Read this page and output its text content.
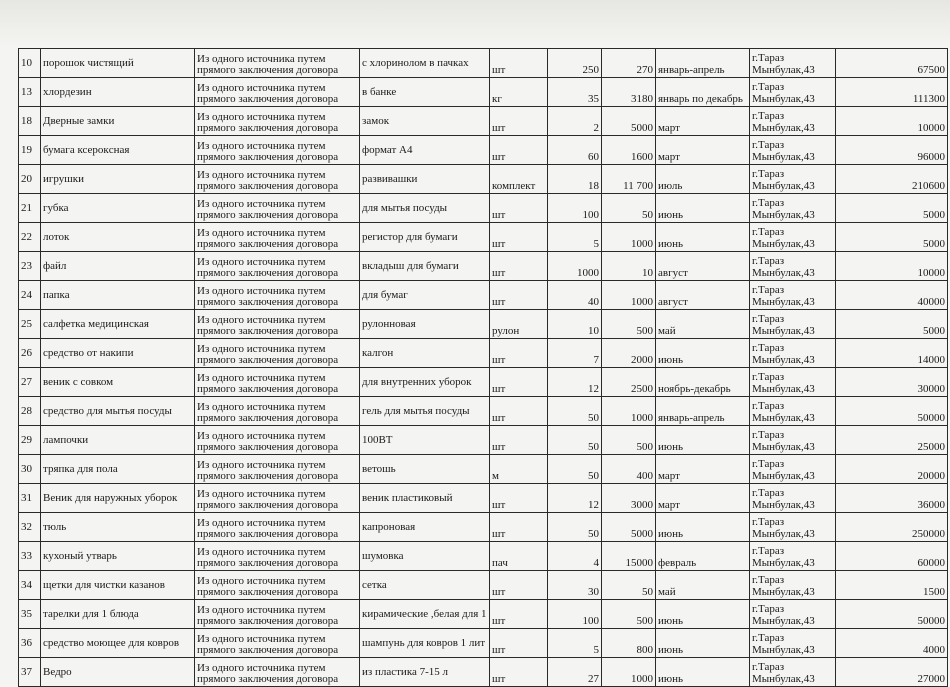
10	порошок чистящий	Из одного источника путем
прямого заключения договора	с хлоринолом в пачках	шт	250	270	январь-апрель	г.Тараз
Мынбулак,43	67500
13	хлордезин	Из одного источника путем
прямого заключения договора	в банке	кг	35	3180	январь по декабрь	г.Тараз
Мынбулак,43	111300
18	Дверные замки	Из одного источника путем
прямого заключения договора	замок	шт	2	5000	март	г.Тараз
Мынбулак,43	10000
19	бумага ксерокcная	Из одного источника путем
прямого заключения договора	формат А4	шт	60	1600	март	г.Тараз
Мынбулак,43	96000
20	игрушки	Из одного источника путем
прямого заключения договора	развивашки	комплект	18	11 700	июль	г.Тараз
Мынбулак,43	210600
21	губка	Из одного источника путем
прямого заключения договора	для мытья посуды	шт	100	50	июнь	г.Тараз
Мынбулак,43	5000
22	лоток	Из одного источника путем
прямого заключения договора	регистор для бумаги	шт	5	1000	июнь	г.Тараз
Мынбулак,43	5000
23	файл	Из одного источника путем
прямого заключения договора	вкладыш для бумаги	шт	1000	10	август	г.Тараз
Мынбулак,43	10000
24	папка	Из одного источника путем
прямого заключения договора	для бумаг	шт	40	1000	август	г.Тараз
Мынбулак,43	40000
25	салфетка медицинская	Из одного источника путем
прямого заключения договора	рулонновая	рулон	10	500	май	г.Тараз
Мынбулак,43	5000
26	средство от накипи	Из одного источника путем
прямого заключения договора	калгон	шт	7	2000	июнь	г.Тараз
Мынбулак,43	14000
27	веник с совком	Из одного источника путем
прямого заключения договора	для внутренних уборок	шт	12	2500	ноябрь-декабрь	г.Тараз
Мынбулак,43	30000
28	средство для мытья посуды	Из одного источника путем
прямого заключения договора	гель для мытья посуды	шт	50	1000	январь-апрель	г.Тараз
Мынбулак,43	50000
29	лампочки	Из одного источника путем
прямого заключения договора	100ВТ	шт	50	500	июнь	г.Тараз
Мынбулак,43	25000
30	тряпка для пола	Из одного источника путем
прямого заключения договора	ветошь	м	50	400	март	г.Тараз
Мынбулак,43	20000
31	Веник для наружных уборок	Из одного источника путем
прямого заключения договора	веник пластиковый	шт	12	3000	март	г.Тараз
Мынбулак,43	36000
32	тюль	Из одного источника путем
прямого заключения договора	капроновая	шт	50	5000	июнь	г.Тараз
Мынбулак,43	250000
33	кухоный утварь	Из одного источника путем
прямого заключения договора	шумовка	пач	4	15000	февраль	г.Тараз
Мынбулак,43	60000
34	щетки для чистки казанов	Из одного источника путем
прямого заключения договора	сетка	шт	30	50	май	г.Тараз
Мынбулак,43	1500
35	тарелки для 1 блюда	Из одного источника путем
прямого заключения договора	кирамические ,белая для 1	шт	100	500	июнь	г.Тараз
Мынбулак,43	50000
36	средство моющее для ковров	Из одного источника путем
прямого заключения договора	шампунь для ковров 1 лит	шт	5	800	июнь	г.Тараз
Мынбулак,43	4000
37	Ведро	Из одного источника путем
прямого заключения договора	из пластика 7-15 л	шт	27	1000	июнь	г.Тараз
Мынбулак,43	27000
